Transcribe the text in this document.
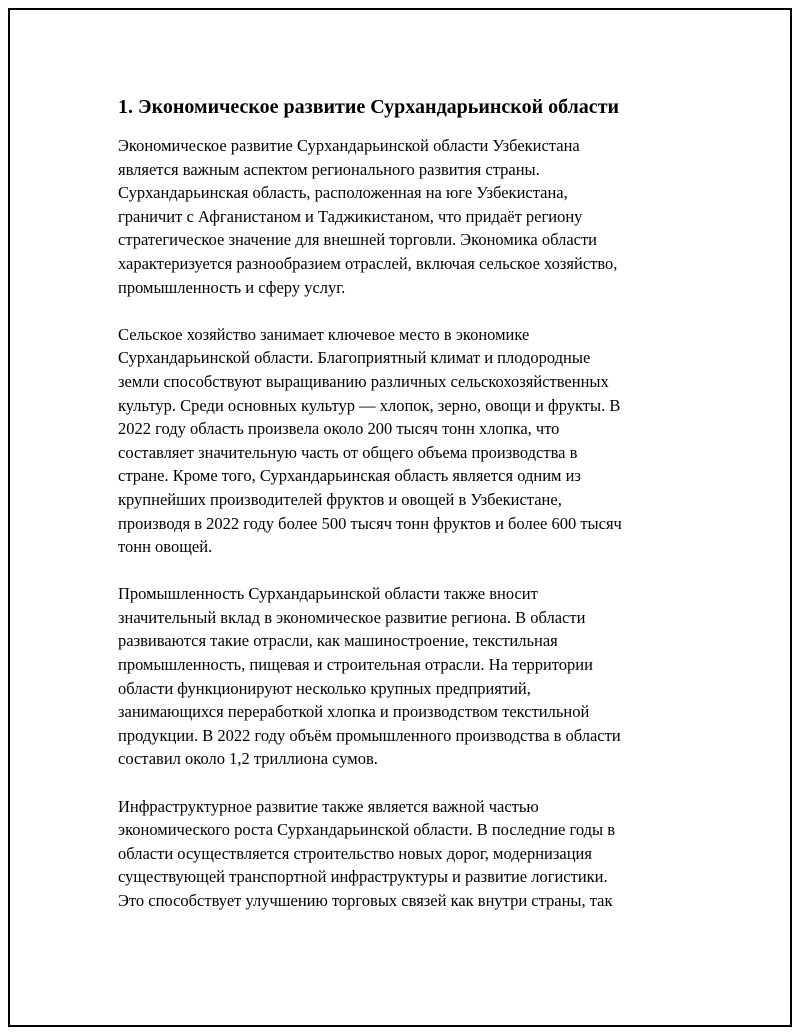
1. Экономическое развитие Сурхандарьинской области

Экономическое развитие Сурхандарьинской области Узбекистана
является важным аспектом регионального развития страны.
Сурхандарьинская область, расположенная на юге Узбекистана,
граничит с Афганистаном и Таджикистаном, что придаёт региону
стратегическое значение для внешней торговли. Экономика области
характеризуется разнообразием отраслей, включая сельское хозяйство,
промышленность и сферу услуг.

Сельское хозяйство занимает ключевое место в экономике
Сурхандарьинской области. Благоприятный климат и плодородные
земли способствуют выращиванию различных сельскохозяйственных
культур. Среди основных культур — хлопок, зерно, овощи и фрукты. В
2022 году область произвела около 200 тысяч тонн хлопка, что
составляет значительную часть от общего объема производства в
стране. Кроме того, Сурхандарьинская область является одним из
крупнейших производителей фруктов и овощей в Узбекистане,
производя в 2022 году более 500 тысяч тонн фруктов и более 600 тысяч
тонн овощей.

Промышленность Сурхандарьинской области также вносит
значительный вклад в экономическое развитие региона. В области
развиваются такие отрасли, как машиностроение, текстильная
промышленность, пищевая и строительная отрасли. На территории
области функционируют несколько крупных предприятий,
занимающихся переработкой хлопка и производством текстильной
продукции. В 2022 году объём промышленного производства в области
составил около 1,2 триллиона сумов.

Инфраструктурное развитие также является важной частью
экономического роста Сурхандарьинской области. В последние годы в
области осуществляется строительство новых дорог, модернизация
существующей транспортной инфраструктуры и развитие логистики.
Это способствует улучшению торговых связей как внутри страны, так
